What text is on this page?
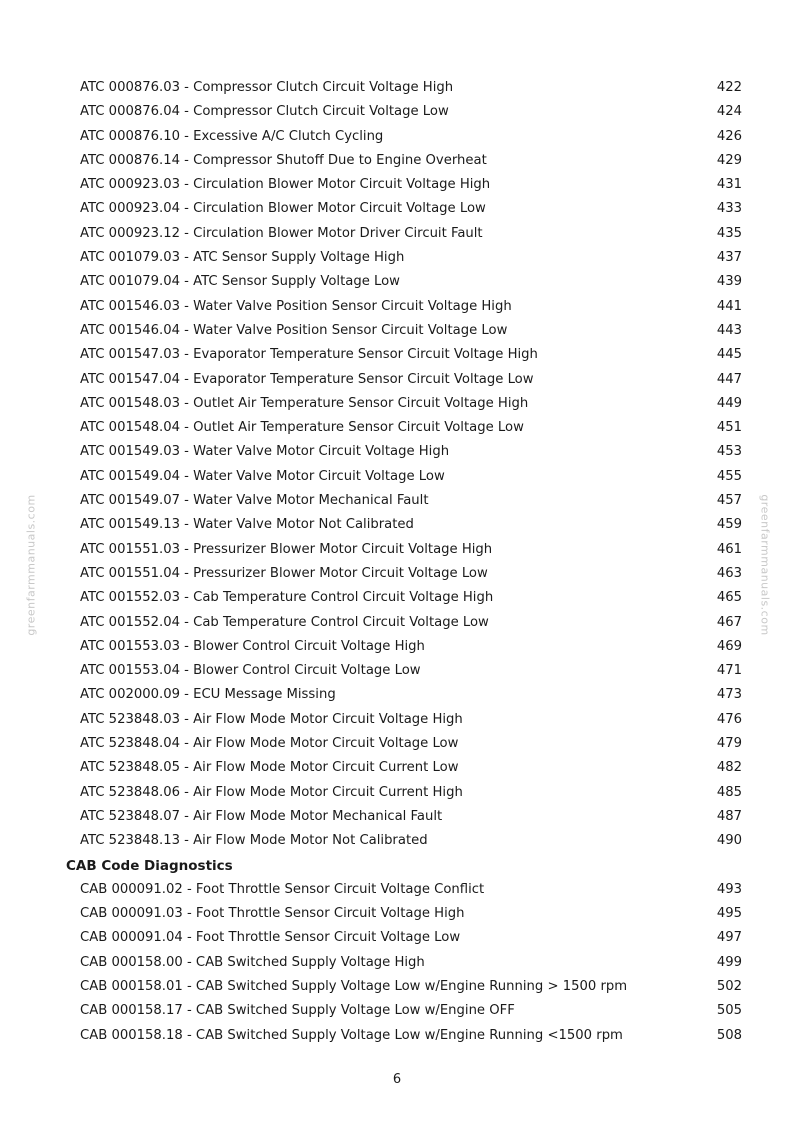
greenfarmmanuals.com	greenfarmmanuals.com
ATC 000876.03 - Compressor Clutch Circuit Voltage High	422
ATC 000876.04 - Compressor Clutch Circuit Voltage Low	424
ATC 000876.10 - Excessive A/C Clutch Cycling	426
ATC 000876.14 - Compressor Shutoff Due to Engine Overheat	429
ATC 000923.03 - Circulation Blower Motor Circuit Voltage High	431
ATC 000923.04 - Circulation Blower Motor Circuit Voltage Low	433
ATC 000923.12 - Circulation Blower Motor Driver Circuit Fault	435
ATC 001079.03 - ATC Sensor Supply Voltage High	437
ATC 001079.04 - ATC Sensor Supply Voltage Low	439
ATC 001546.03 - Water Valve Position Sensor Circuit Voltage High	441
ATC 001546.04 - Water Valve Position Sensor Circuit Voltage Low	443
ATC 001547.03 - Evaporator Temperature Sensor Circuit Voltage High	445
ATC 001547.04 - Evaporator Temperature Sensor Circuit Voltage Low	447
ATC 001548.03 - Outlet Air Temperature Sensor Circuit Voltage High	449
ATC 001548.04 - Outlet Air Temperature Sensor Circuit Voltage Low	451
ATC 001549.03 - Water Valve Motor Circuit Voltage High	453
ATC 001549.04 - Water Valve Motor Circuit Voltage Low	455
ATC 001549.07 - Water Valve Motor Mechanical Fault	457
ATC 001549.13 - Water Valve Motor Not Calibrated	459
ATC 001551.03 - Pressurizer Blower Motor Circuit Voltage High	461
ATC 001551.04 - Pressurizer Blower Motor Circuit Voltage Low	463
ATC 001552.03 - Cab Temperature Control Circuit Voltage High	465
ATC 001552.04 - Cab Temperature Control Circuit Voltage Low	467
ATC 001553.03 - Blower Control Circuit Voltage High	469
ATC 001553.04 - Blower Control Circuit Voltage Low	471
ATC 002000.09 - ECU Message Missing	473
ATC 523848.03 - Air Flow Mode Motor Circuit Voltage High	476
ATC 523848.04 - Air Flow Mode Motor Circuit Voltage Low	479
ATC 523848.05 - Air Flow Mode Motor Circuit Current Low	482
ATC 523848.06 - Air Flow Mode Motor Circuit Current High	485
ATC 523848.07 - Air Flow Mode Motor Mechanical Fault	487
ATC 523848.13 - Air Flow Mode Motor Not Calibrated	490
CAB Code Diagnostics
CAB 000091.02 - Foot Throttle Sensor Circuit Voltage Conflict	493
CAB 000091.03 - Foot Throttle Sensor Circuit Voltage High	495
CAB 000091.04 - Foot Throttle Sensor Circuit Voltage Low	497
CAB 000158.00 - CAB Switched Supply Voltage High	499
CAB 000158.01 - CAB Switched Supply Voltage Low w/Engine Running > 1500 rpm	502
CAB 000158.17 - CAB Switched Supply Voltage Low w/Engine OFF	505
CAB 000158.18 - CAB Switched Supply Voltage Low w/Engine Running <1500 rpm	508
6
